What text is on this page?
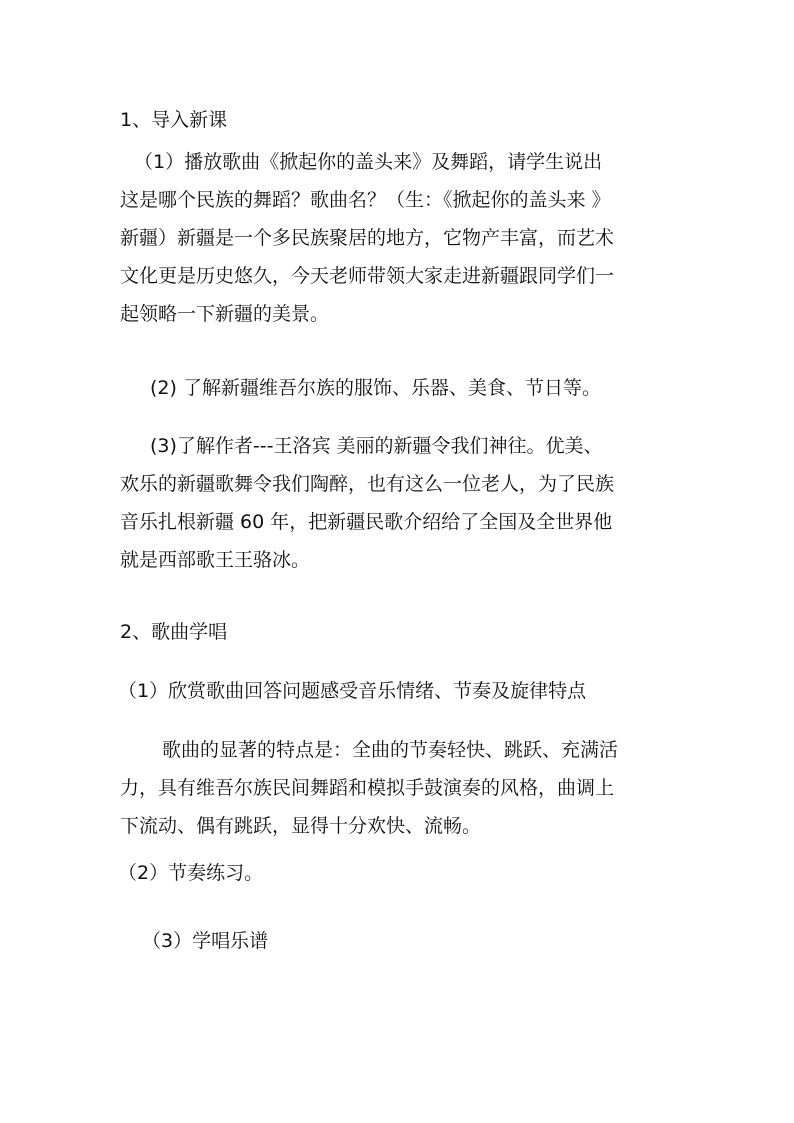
1、导入新课
（1）播放歌曲《掀起你的盖头来》及舞蹈，请学生说出
这是哪个民族的舞蹈？歌曲名？（生：《掀起你的盖头来 》
新疆）新疆是一个多民族聚居的地方，它物产丰富，而艺术
文化更是历史悠久，今天老师带领大家走进新疆跟同学们一
起领略一下新疆的美景。
(2) 了解新疆维吾尔族的服饰、乐器、美食、节日等。
(3)了解作者---王洛宾 美丽的新疆令我们神往。优美、
欢乐的新疆歌舞令我们陶醉，也有这么一位老人，为了民族
音乐扎根新疆 60 年，把新疆民歌介绍给了全国及全世界他
就是西部歌王王骆冰。
2、歌曲学唱
（1）欣赏歌曲回答问题感受音乐情绪、节奏及旋律特点
歌曲的显著的特点是：全曲的节奏轻快、跳跃、充满活
力，具有维吾尔族民间舞蹈和模拟手鼓演奏的风格，曲调上
下流动、偶有跳跃，显得十分欢快、流畅。
（2）节奏练习。
（3）学唱乐谱
